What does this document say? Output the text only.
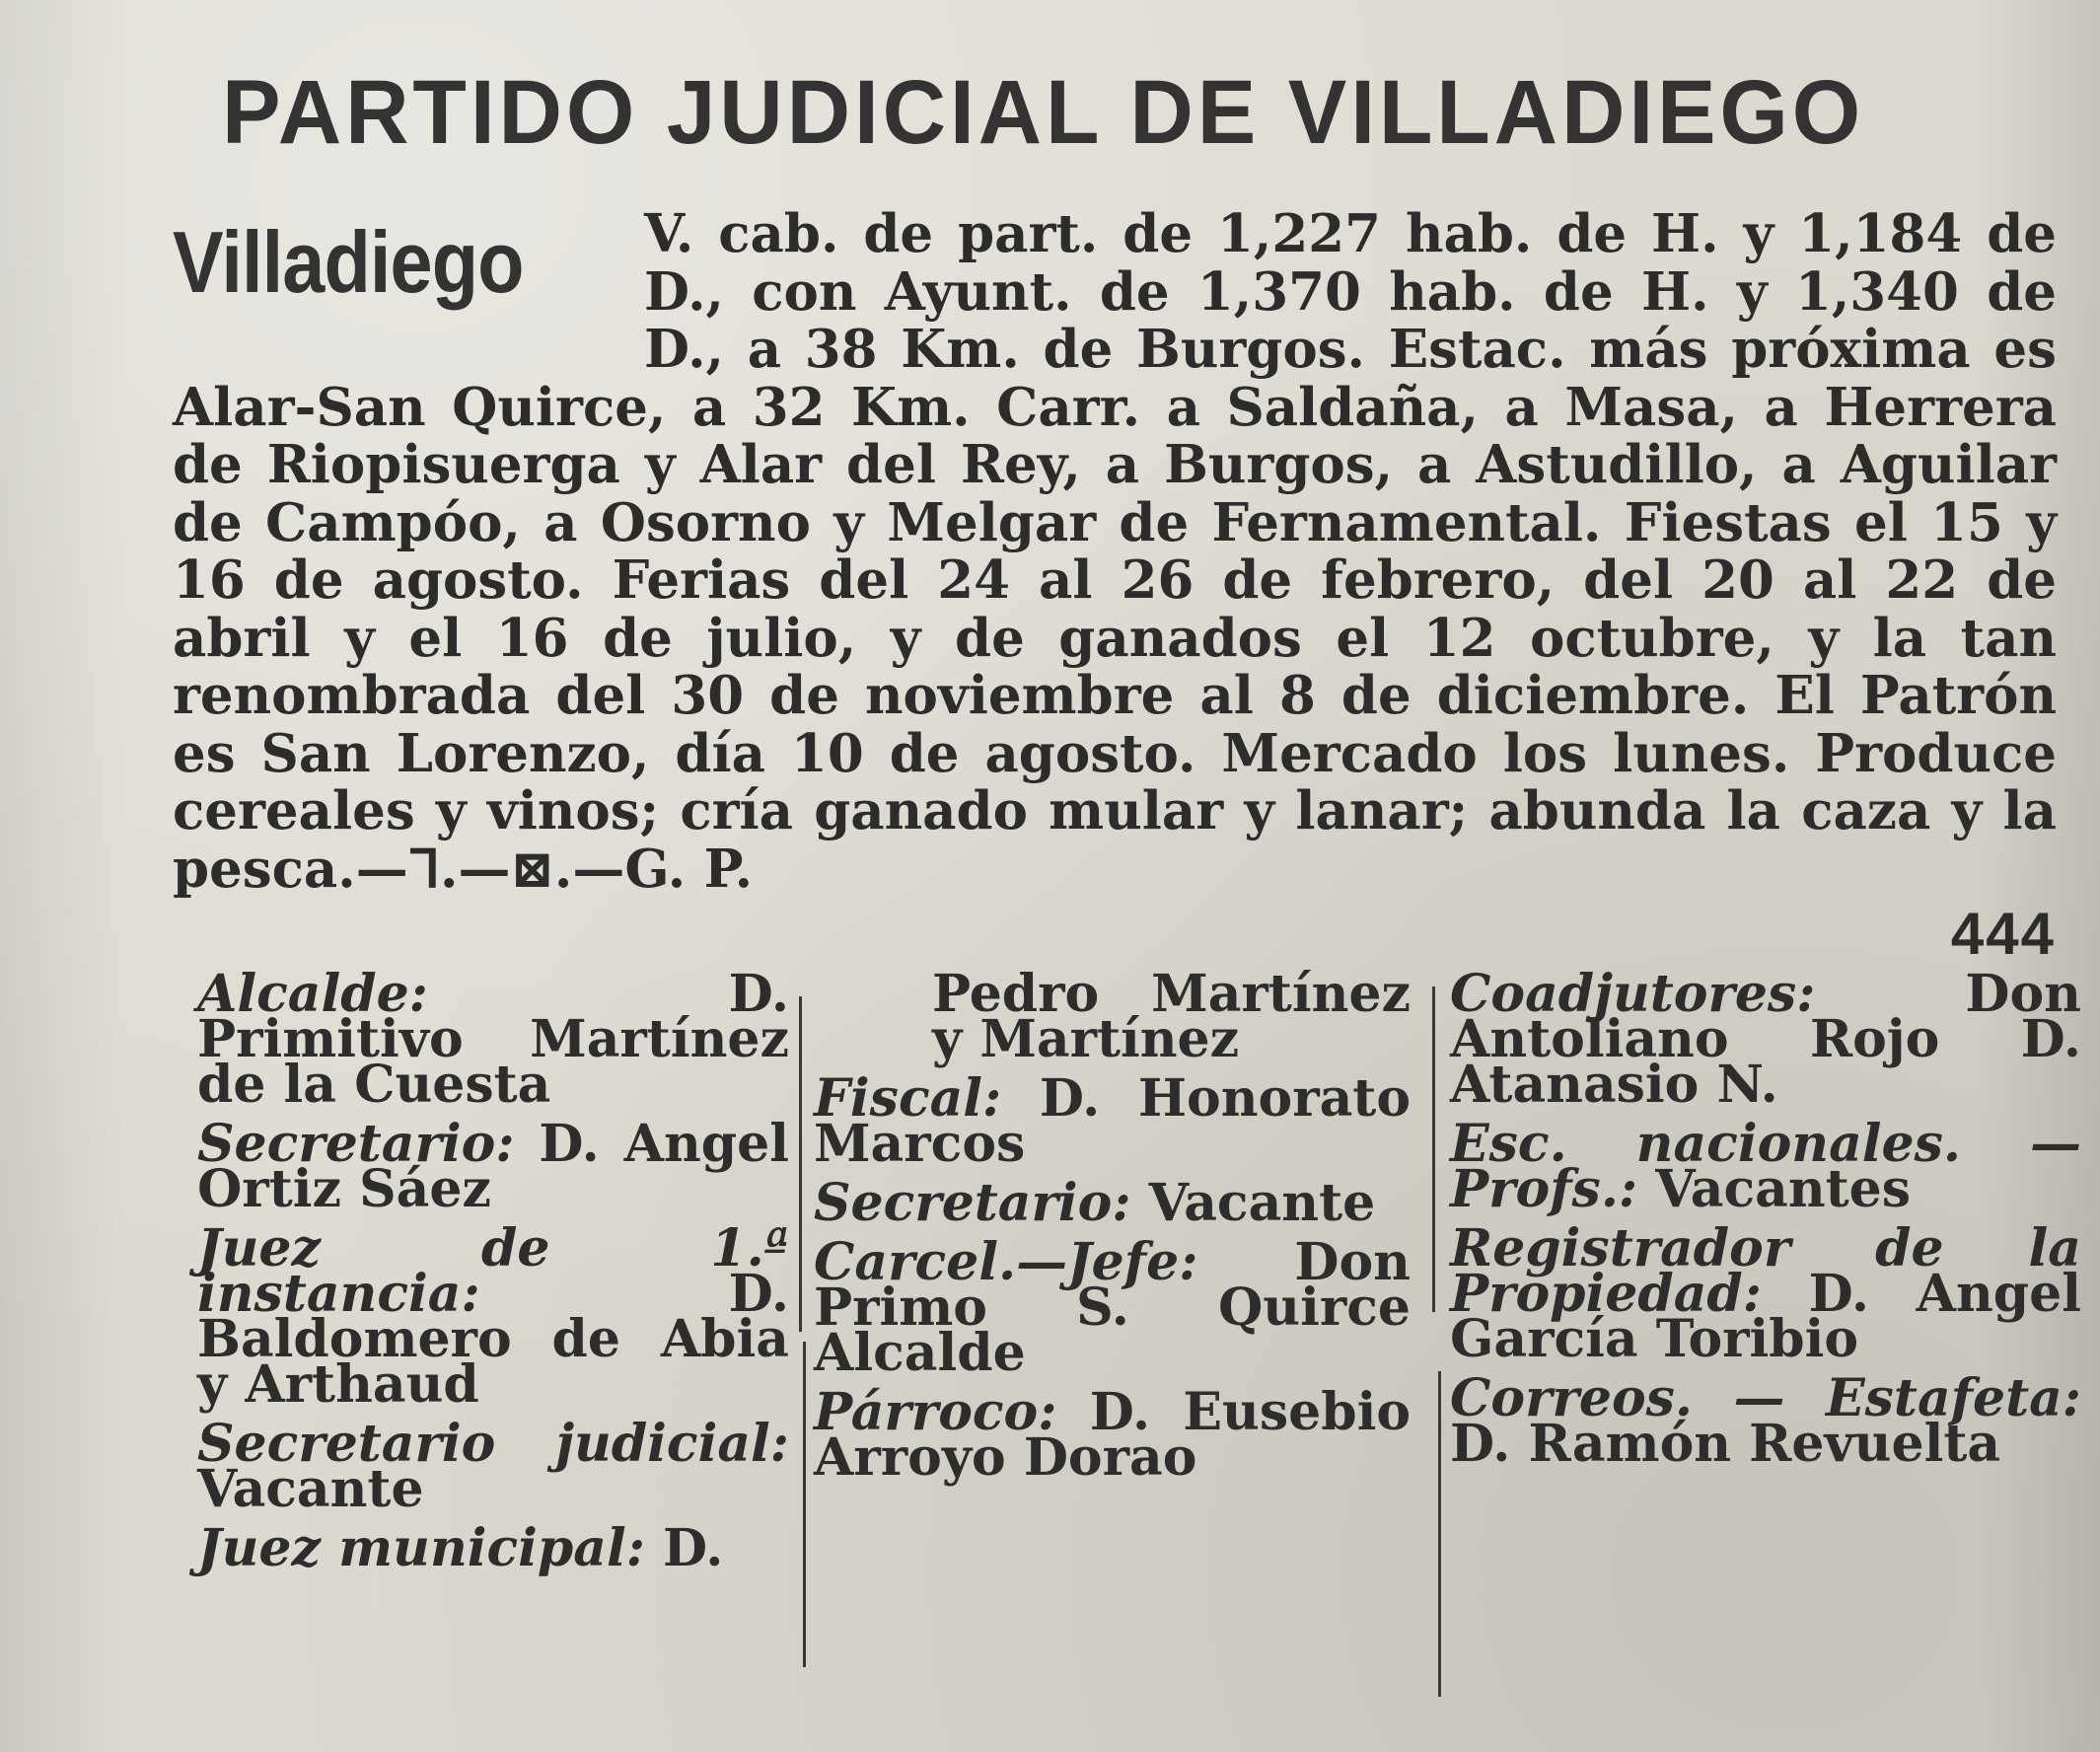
PARTIDO JUDICIAL DE VILLADIEGO
Villadiego	V. cab. de part. de 1,227 hab. de H. y 1,184 de D., con Ayunt. de 1,370 hab. de H. y 1,340 de D., a 38 Km. de Burgos. Estac. más próxima es Alar-San Quirce, a 32 Km. Carr. a Saldaña, a Masa, a Herrera de Riopisuerga y Alar del Rey, a Burgos, a Astudillo, a Aguilar de Campóo, a Osorno y Melgar de Fernamental. Fiestas el 15 y 16 de agosto. Ferias del 24 al 26 de febrero, del 20 al 22 de abril y el 16 de julio, y de ganados el 12 octubre, y la tan renombrada del 30 de noviembre al 8 de diciembre. El Patrón es San Lorenzo, día 10 de agosto. Mercado los lunes. Produce cereales y vinos; cría ganado mular y lanar; abunda la caza y la pesca.—ᒣ.—⊠.—G. P.
444
Alcalde:	D. Primitivo Martínez de la Cuesta
Secretario: D. Angel Ortiz Sáez
Juez de 1.ª instancia:	D. Baldomero de Abia y Arthaud
Secretario judicial: Vacante
Juez municipal: D.
Pedro Martínez y Martínez
Fiscal: D. Honorato Marcos
Secretario: Vacante
Carcel.—Jefe: Don Primo S. Quirce Alcalde
Párroco: D. Eusebio Arroyo Dorao
Coadjutores:	Don Antoliano Rojo D. Atanasio N.
Esc. nacionales. — Profs.: Vacantes
Registrador de la Propiedad: D. Angel García Toribio
Correos. — Estafeta: D. Ramón Revuelta
